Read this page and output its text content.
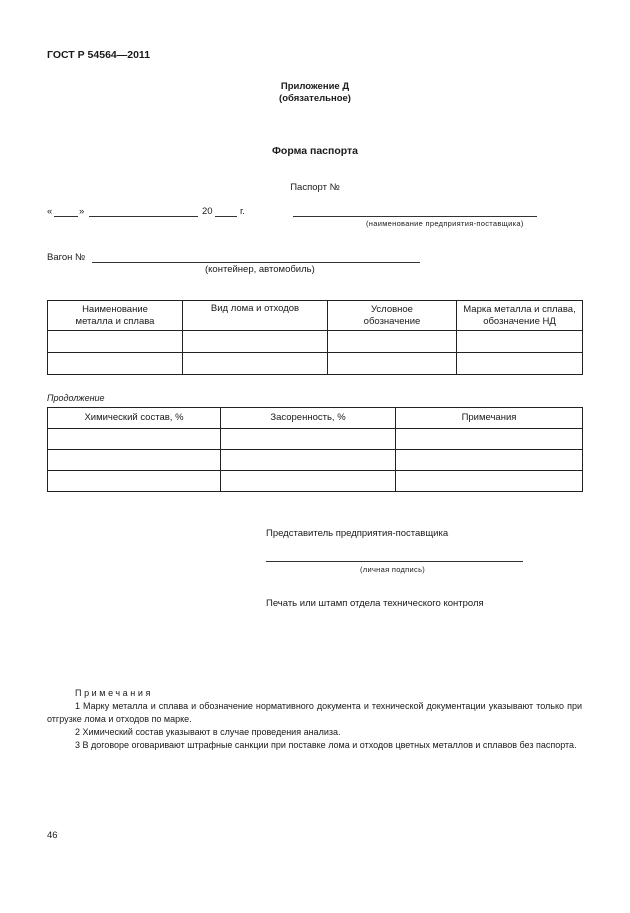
ГОСТ Р 54564—2011
Приложение Д
(обязательное)
Форма паспорта
Паспорт №
«	»	20	г.
(наименование предприятия-поставщика)
Вагон №
(контейнер, автомобиль)
Наименование металла и сплава	Вид лома и отходов	Условное обозначение	Марка металла и сплава, обозначение НД

Продолжение
Химический состав, %	Засоренность, %	Примечания

Представитель предприятия-поставщика
(личная подпись)
Печать или штамп отдела технического контроля
Примечания
1 Марку металла и сплава и обозначение нормативного документа и технической документации указывают только при отгрузке лома и отходов по марке.
2 Химический состав указывают в случае проведения анализа.
3 В договоре оговаривают штрафные санкции при поставке лома и отходов цветных металлов и сплавов без паспорта.
46
